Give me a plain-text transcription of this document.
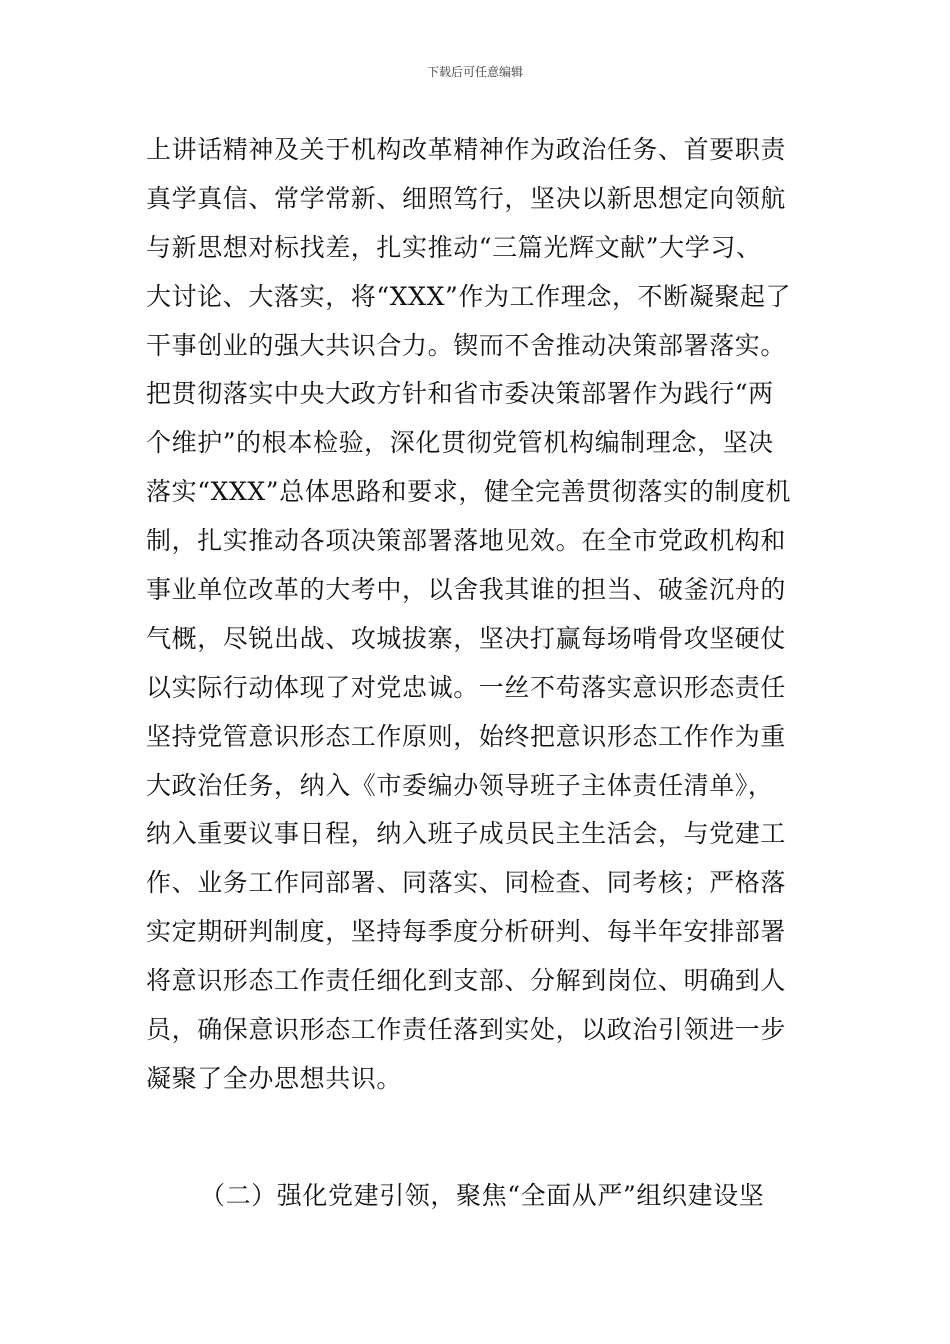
下载后可任意编辑
上讲话精神及关于机构改革精神作为政治任务、首要职责
真学真信、常学常新、细照笃行，坚决以新思想定向领航
与新思想对标找差，扎实推动“三篇光辉文献”大学习、
大讨论、大落实，将“XXX”作为工作理念，不断凝聚起了
干事创业的强大共识合力。锲而不舍推动决策部署落实。
把贯彻落实中央大政方针和省市委决策部署作为践行“两
个维护”的根本检验，深化贯彻党管机构编制理念，坚决
落实“XXX”总体思路和要求，健全完善贯彻落实的制度机
制，扎实推动各项决策部署落地见效。在全市党政机构和
事业单位改革的大考中，以舍我其谁的担当、破釜沉舟的
气概，尽锐出战、攻城拔寨，坚决打赢每场啃骨攻坚硬仗
以实际行动体现了对党忠诚。一丝不苟落实意识形态责任
坚持党管意识形态工作原则，始终把意识形态工作作为重
大政治任务，纳入《市委编办领导班子主体责任清单》，
纳入重要议事日程，纳入班子成员民主生活会，与党建工
作、业务工作同部署、同落实、同检查、同考核；严格落
实定期研判制度，坚持每季度分析研判、每半年安排部署
将意识形态工作责任细化到支部、分解到岗位、明确到人
员，确保意识形态工作责任落到实处，以政治引领进一步
凝聚了全办思想共识。
（二）强化党建引领，聚焦“全面从严”组织建设坚
